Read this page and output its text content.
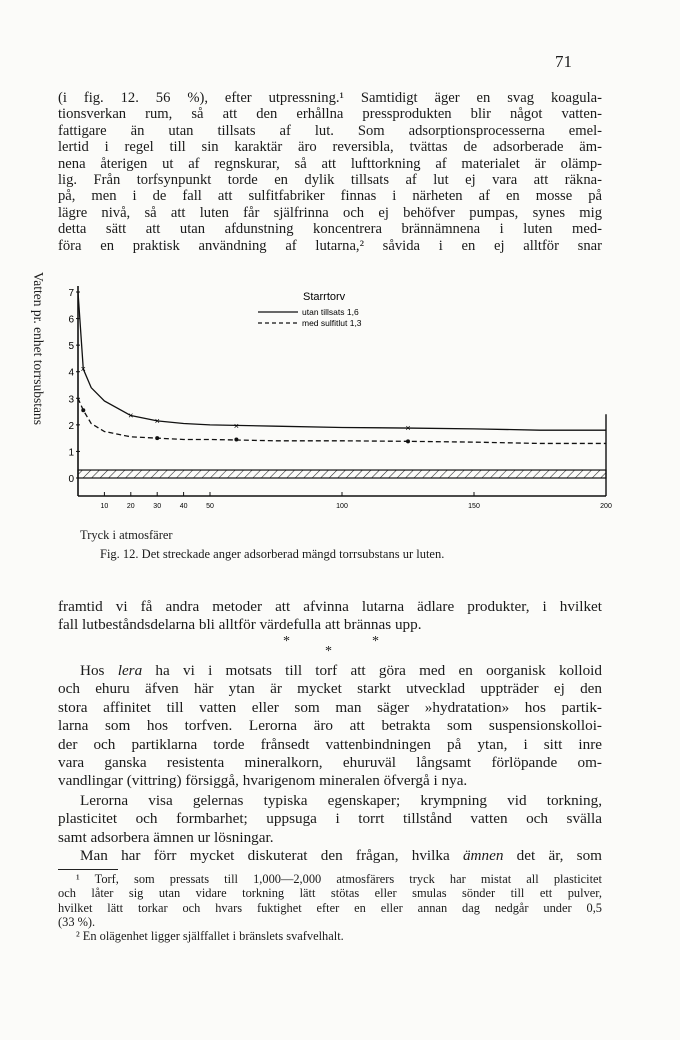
71

(i fig. 12. 56 %), efter utpressning.¹ Samtidigt äger en svag koagula-
tionsverkan rum, så att den erhållna pressprodukten blir något vatten-
fattigare än utan tillsats af lut. Som adsorptionsprocesserna emel-
lertid i regel till sin karaktär äro reversibla, tvättas de adsorberade äm-
nena återigen ut af regnskurar, så att lufttorkning af materialet är olämp-
lig. Från torfsynpunkt torde en dylik tillsats af lut ej vara att räkna-
på, men i de fall att sulfitfabriker finnas i närheten af en mosse på
lägre nivå, så att luten får själfrinna och ej behöfver pumpas, synes mig
detta sätt att utan afdunstning koncentrera brännämnena i luten med-
föra en praktisk användning af lutarna,² såvida i en ej alltför snar

Vatten pr. enhet torrsubstans
0
1
2
3
4
5
6
7
10	20	30	40	50	100	150	200
×
×
×
×	×
Starrtorv
utan tillsats 1,6
med sulfitlut 1,3
Tryck i atmosfärer
Fig. 12. Det streckade anger adsorberad mängd torrsubstans ur luten.

framtid vi få andra metoder att afvinna lutarna ädlare produkter, i hvilket
fall lutbeståndsdelarna bli alltför värdefulla att brännas upp.

*
*
*

Hos lera ha vi i motsats till torf att göra med en oorganisk kolloid
och ehuru äfven här ytan är mycket starkt utvecklad uppträder ej den
stora affinitet till vatten eller som man säger »hydratation» hos partik-
larna som hos torfven. Lerorna äro att betrakta som suspensionskolloi-
der och partiklarna torde frånsedt vattenbindningen på ytan, i sitt inre
vara ganska resistenta mineralkorn, ehuruväl långsamt förlöpande om-
vandlingar (vittring) försiggå, hvarigenom mineralen öfvergå i nya.

Lerorna visa gelernas typiska egenskaper; krympning vid torkning,
plasticitet och formbarhet; uppsuga i torrt tillstånd vatten och svälla
samt adsorbera ämnen ur lösningar.

Man har förr mycket diskuterat den frågan, hvilka ämnen det är, som

¹ Torf, som pressats till 1,000—2,000 atmosfärers tryck har mistat all plasticitet
och låter sig utan vidare torkning lätt stötas eller smulas sönder till ett pulver,
hvilket lätt torkar och hvars fuktighet efter en eller annan dag nedgår under 0,5
(33 %).
² En olägenhet ligger själffallet i bränslets svafvelhalt.
